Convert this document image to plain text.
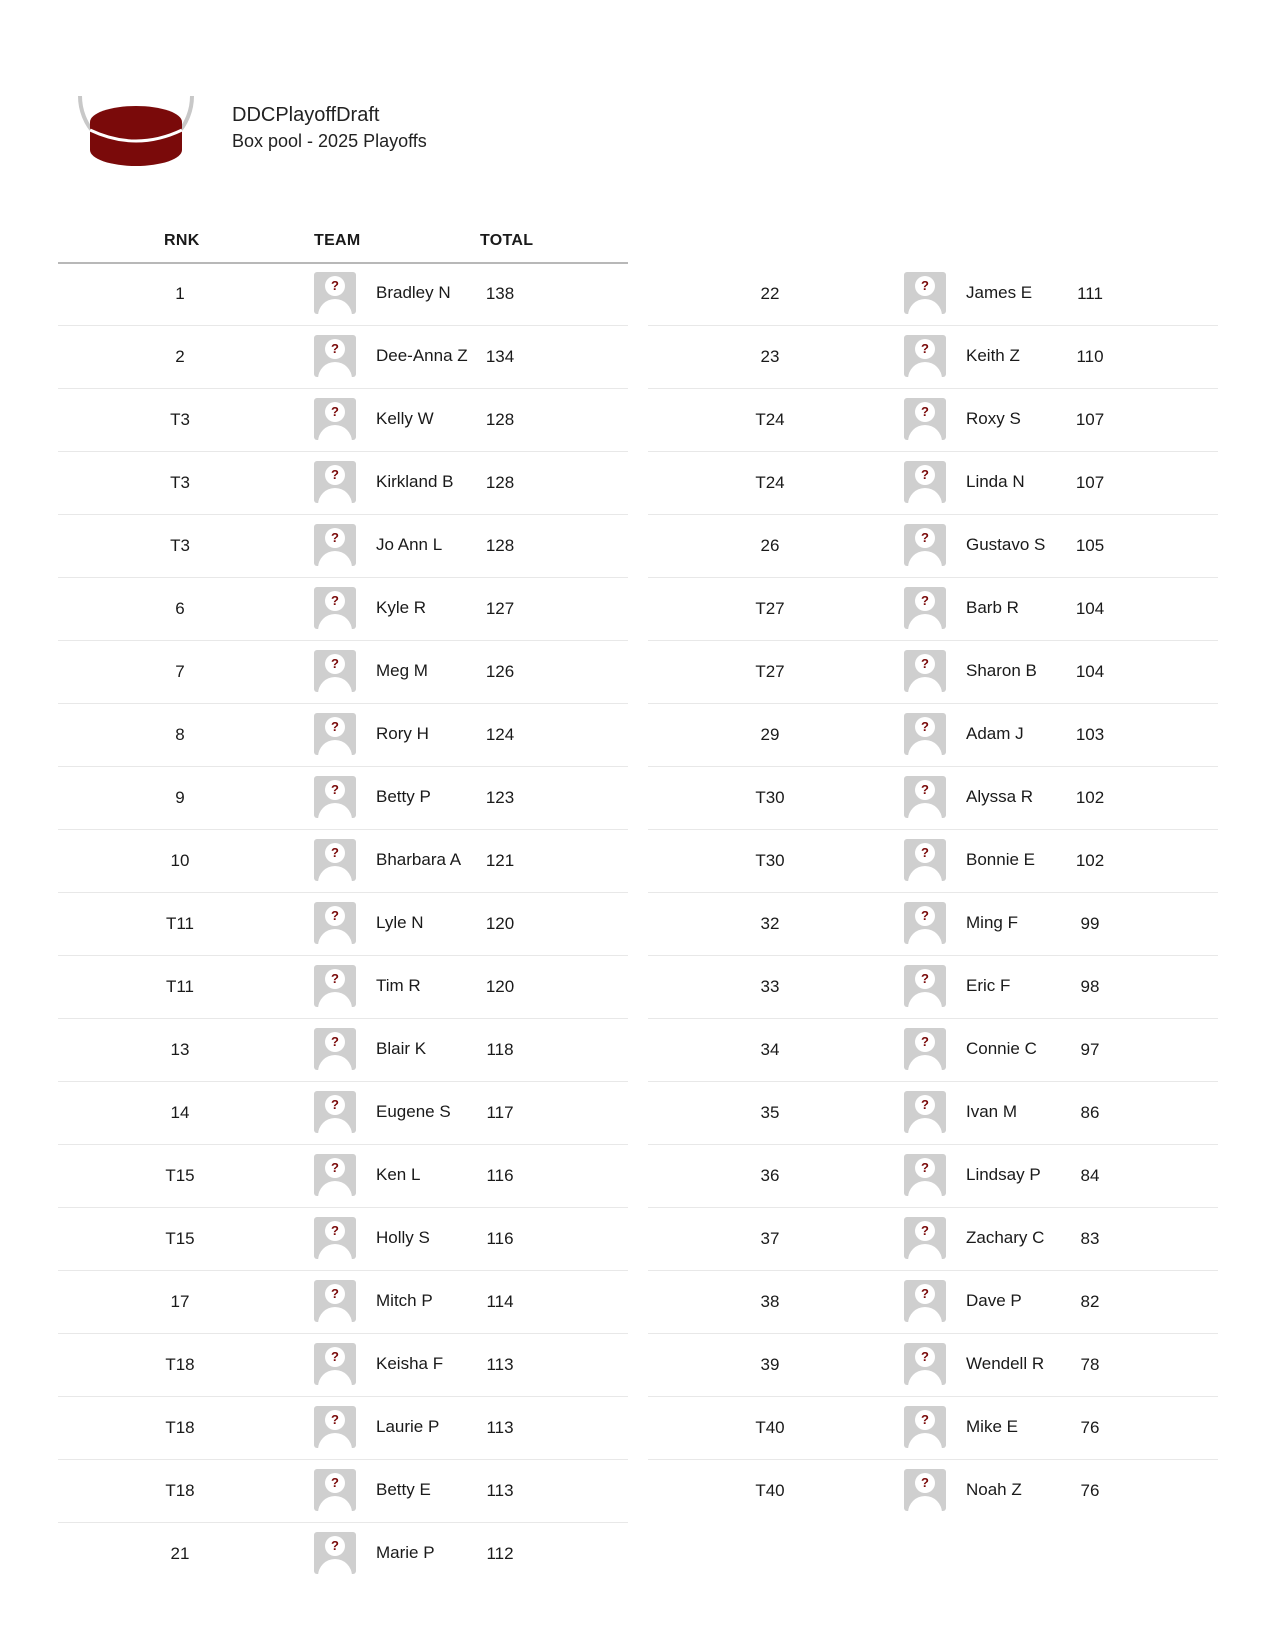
DDCPlayoffDraft
Box pool - 2025 Playoffs
RNK	TEAM	TOTAL
1	?	Bradley N	138
2	?	Dee-Anna Z	134
T3	?	Kelly W	128
T3	?	Kirkland B	128
T3	?	Jo Ann L	128
6	?	Kyle R	127
7	?	Meg M	126
8	?	Rory H	124
9	?	Betty P	123
10	?	Bharbara A	121
T11	?	Lyle N	120
T11	?	Tim R	120
13	?	Blair K	118
14	?	Eugene S	117
T15	?	Ken L	116
T15	?	Holly S	116
17	?	Mitch P	114
T18	?	Keisha F	113
T18	?	Laurie P	113
T18	?	Betty E	113
21	?	Marie P	112
22	?	James E	111
23	?	Keith Z	110
T24	?	Roxy S	107
T24	?	Linda N	107
26	?	Gustavo S	105
T27	?	Barb R	104
T27	?	Sharon B	104
29	?	Adam J	103
T30	?	Alyssa R	102
T30	?	Bonnie E	102
32	?	Ming F	99
33	?	Eric F	98
34	?	Connie C	97
35	?	Ivan M	86
36	?	Lindsay P	84
37	?	Zachary C	83
38	?	Dave P	82
39	?	Wendell R	78
T40	?	Mike E	76
T40	?	Noah Z	76
